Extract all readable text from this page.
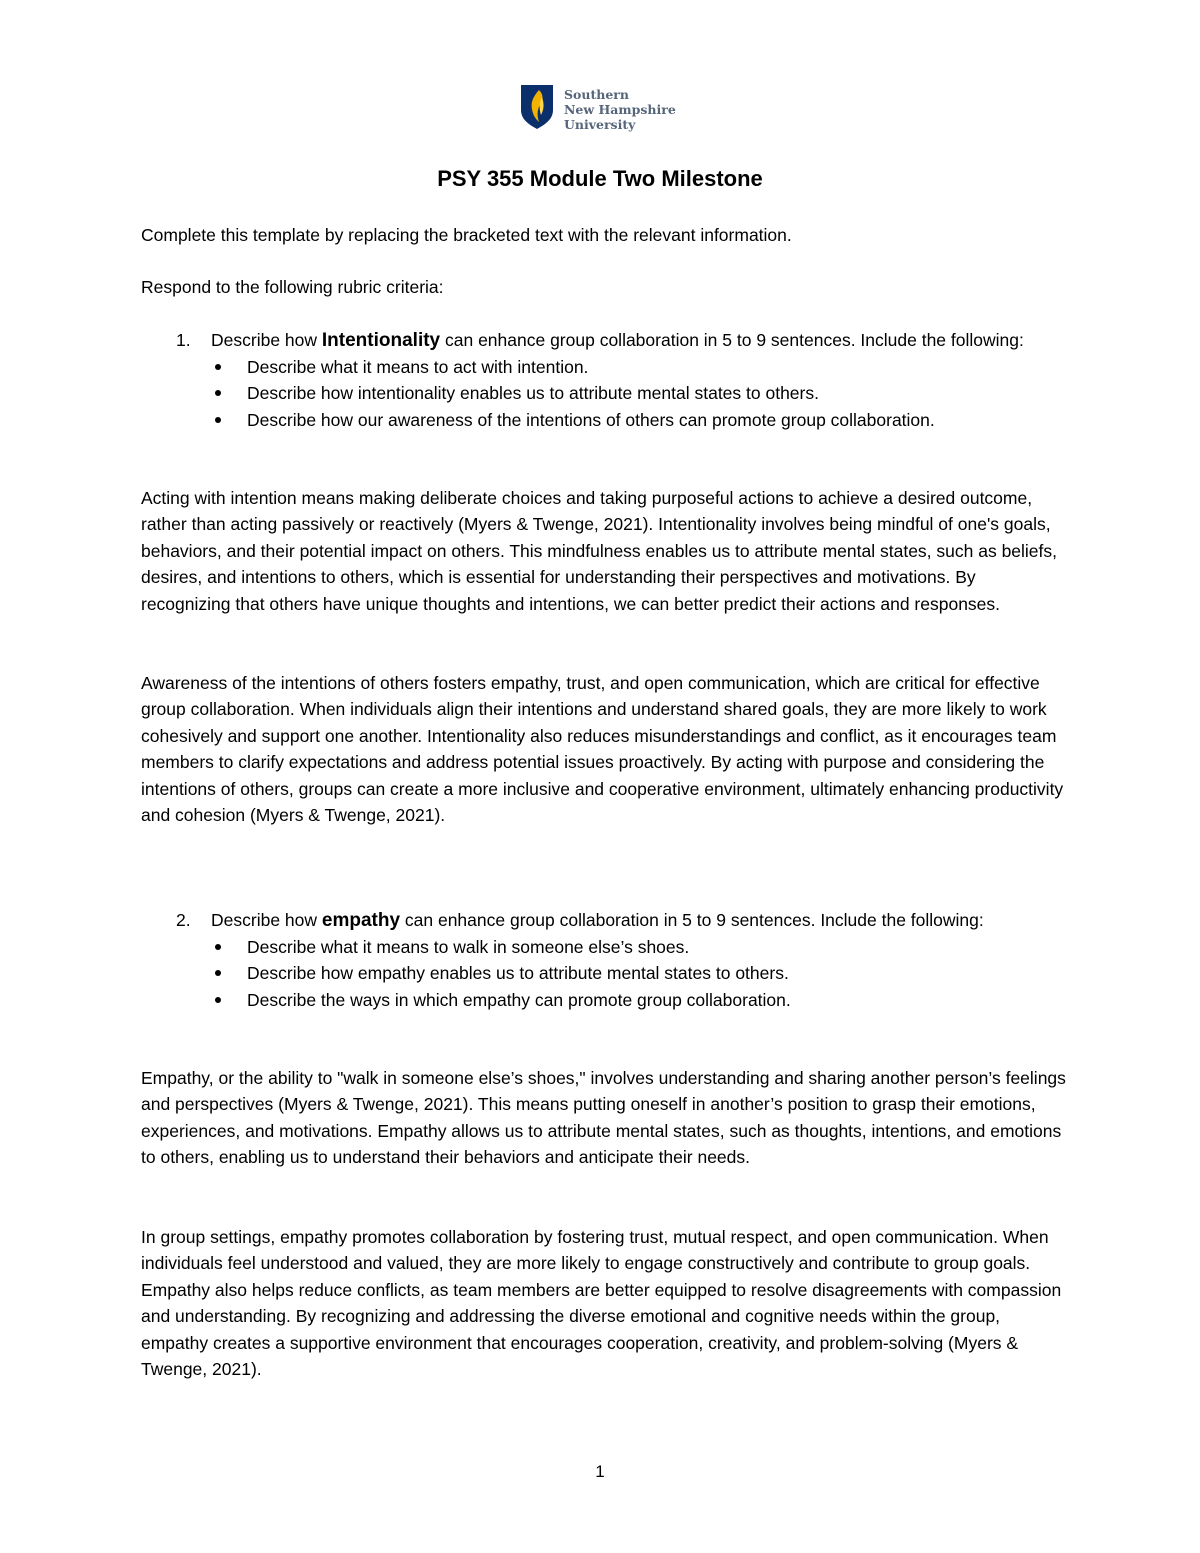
Southern
New Hampshire
University
PSY 355 Module Two Milestone

Complete this template by replacing the bracketed text with the relevant information.

Respond to the following rubric criteria:

1. Describe how Intentionality can enhance group collaboration in 5 to 9 sentences. Include the following:
Describe what it means to act with intention.
Describe how intentionality enables us to attribute mental states to others.
Describe how our awareness of the intentions of others can promote group collaboration.

Acting with intention means making deliberate choices and taking purposeful actions to achieve a desired outcome, rather than acting passively or reactively (Myers & Twenge, 2021). Intentionality involves being mindful of one's goals, behaviors, and their potential impact on others. This mindfulness enables us to attribute mental states, such as beliefs, desires, and intentions to others, which is essential for understanding their perspectives and motivations. By recognizing that others have unique thoughts and intentions, we can better predict their actions and responses.

Awareness of the intentions of others fosters empathy, trust, and open communication, which are critical for effective group collaboration. When individuals align their intentions and understand shared goals, they are more likely to work cohesively and support one another. Intentionality also reduces misunderstandings and conflict, as it encourages team members to clarify expectations and address potential issues proactively. By acting with purpose and considering the intentions of others, groups can create a more inclusive and cooperative environment, ultimately enhancing productivity and cohesion (Myers & Twenge, 2021).

2. Describe how empathy can enhance group collaboration in 5 to 9 sentences. Include the following:
Describe what it means to walk in someone else’s shoes.
Describe how empathy enables us to attribute mental states to others.
Describe the ways in which empathy can promote group collaboration.

Empathy, or the ability to "walk in someone else’s shoes," involves understanding and sharing another person’s feelings and perspectives (Myers & Twenge, 2021). This means putting oneself in another’s position to grasp their emotions, experiences, and motivations. Empathy allows us to attribute mental states, such as thoughts, intentions, and emotions to others, enabling us to understand their behaviors and anticipate their needs.

In group settings, empathy promotes collaboration by fostering trust, mutual respect, and open communication. When individuals feel understood and valued, they are more likely to engage constructively and contribute to group goals. Empathy also helps reduce conflicts, as team members are better equipped to resolve disagreements with compassion and understanding. By recognizing and addressing the diverse emotional and cognitive needs within the group, empathy creates a supportive environment that encourages cooperation, creativity, and problem-solving (Myers & Twenge, 2021).

1
